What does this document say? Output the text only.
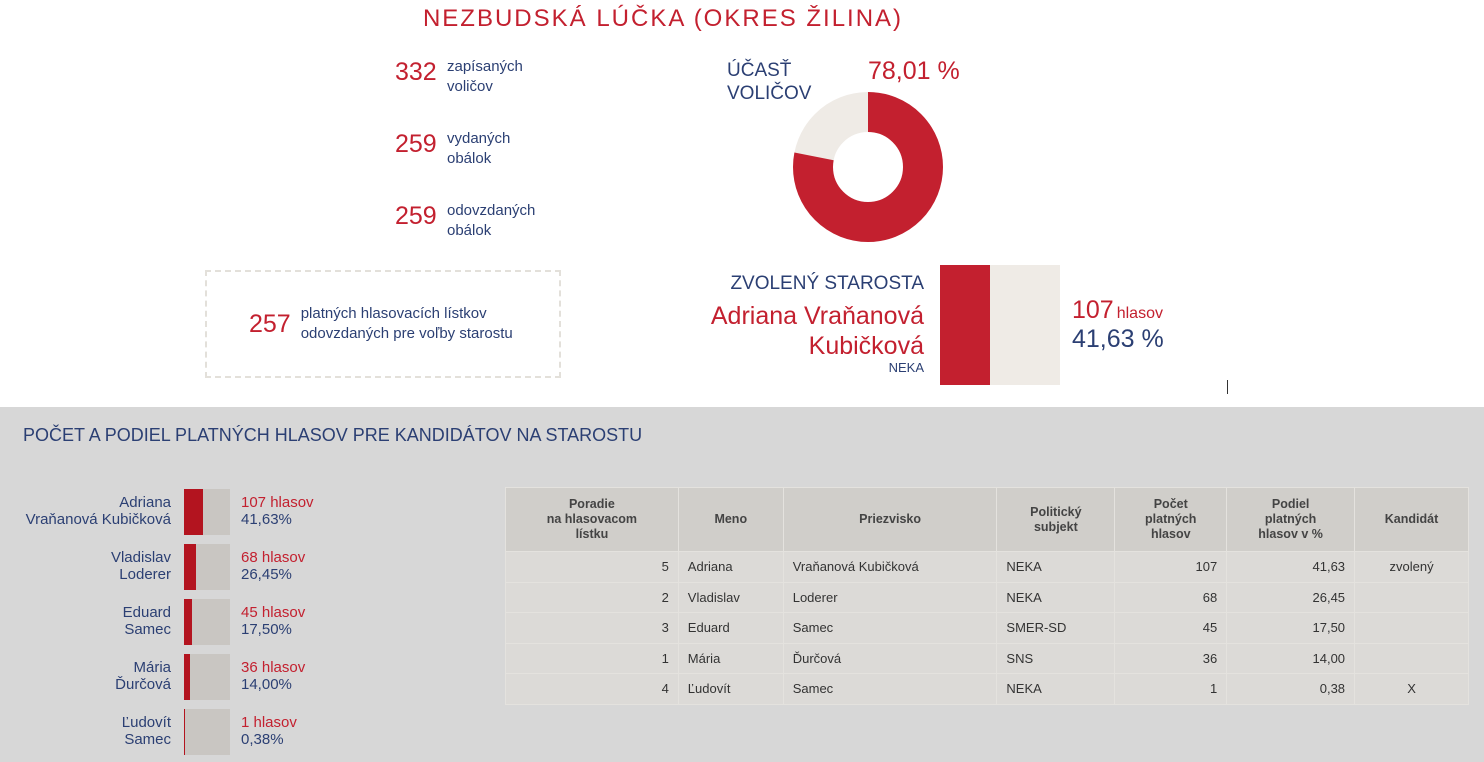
NEZBUDSKÁ LÚČKA (OKRES ŽILINA)
332 zapísaných
voličov
259 vydaných
obálok
259 odovzdaných
obálok
257 platných hlasovacích lístkov
odovzdaných pre voľby starostu
ÚČASŤ
VOLIČOV
78,01 %
ZVOLENÝ STAROSTA
Adriana Vraňanová
Kubičková
NEKA
107 hlasov
41,63 %
POČET A PODIEL PLATNÝCH HLASOV PRE KANDIDÁTOV NA STAROSTU
Adriana
Vraňanová Kubičková
107 hlasov
41,63%
Vladislav
Loderer
68 hlasov
26,45%
Eduard
Samec
45 hlasov
17,50%
Mária
Ďurčová
36 hlasov
14,00%
Ľudovít
Samec
1 hlasov
0,38%
Poradie
na hlasovacom
lístku	Meno	Priezvisko	Politický
subjekt	Počet
platných
hlasov	Podiel
platných
hlasov v %	Kandidát
5	Adriana	Vraňanová Kubičková	NEKA	107	41,63	zvolený
2	Vladislav	Loderer	NEKA	68	26,45	
3	Eduard	Samec	SMER-SD	45	17,50	
1	Mária	Ďurčová	SNS	36	14,00	
4	Ľudovít	Samec	NEKA	1	0,38	X
